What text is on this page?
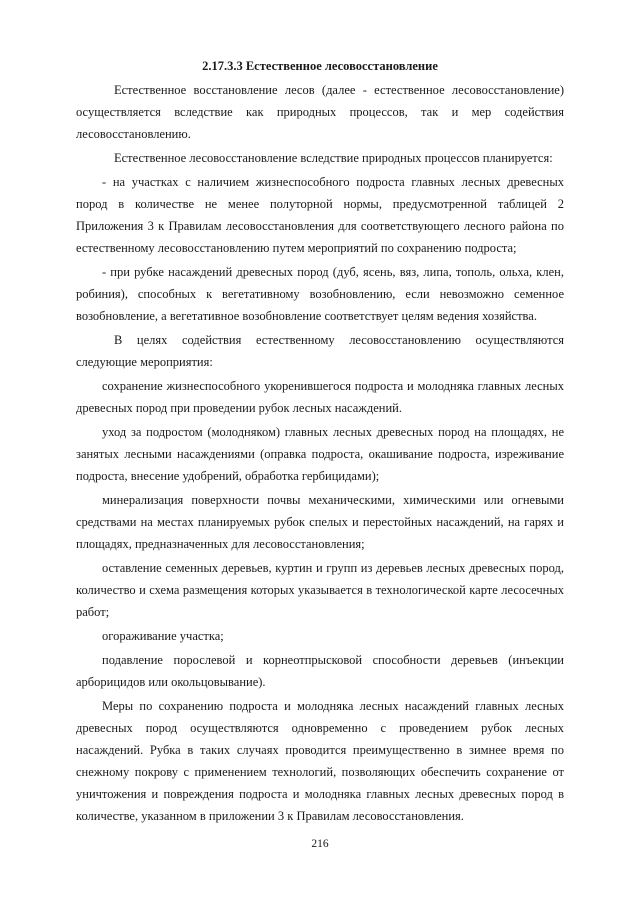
2.17.3.3 Естественное лесовосстановление

Естественное восстановление лесов (далее - естественное лесовосстановление) осуществляется вследствие как природных процессов, так и мер содействия лесовосстановлению.

Естественное лесовосстановление вследствие природных процессов планируется:

- на участках с наличием жизнеспособного подроста главных лесных древесных пород в количестве не менее полуторной нормы, предусмотренной таблицей 2 Приложения 3 к Правилам лесовосстановления для соответствующего лесного района по естественному лесовосстановлению путем мероприятий по сохранению подроста;

- при рубке насаждений древесных пород (дуб, ясень, вяз, липа, тополь, ольха, клен, робиния), способных к вегетативному возобновлению, если невозможно семенное возобновление, а вегетативное возобновление соответствует целям ведения хозяйства.

В целях содействия естественному лесовосстановлению осуществляются следующие мероприятия:

сохранение жизнеспособного укоренившегося подроста и молодняка главных лесных древесных пород при проведении рубок лесных насаждений.

уход за подростом (молодняком) главных лесных древесных пород на площадях, не занятых лесными насаждениями (оправка подроста, окашивание подроста, изреживание подроста, внесение удобрений, обработка гербицидами);

минерализация поверхности почвы механическими, химическими или огневыми средствами на местах планируемых рубок спелых и перестойных насаждений, на гарях и площадях, предназначенных для лесовосстановления;

оставление семенных деревьев, куртин и групп из деревьев лесных древесных пород, количество и схема размещения которых указывается в технологической карте лесосечных работ;

огораживание участка;

подавление порослевой и корнеотпрысковой способности деревьев (инъекции арборицидов или окольцовывание).

Меры по сохранению подроста и молодняка лесных насаждений главных лесных древесных пород осуществляются одновременно с проведением рубок лесных насаждений. Рубка в таких случаях проводится преимущественно в зимнее время по снежному покрову с применением технологий, позволяющих обеспечить сохранение от уничтожения и повреждения подроста и молодняка главных лесных древесных пород в количестве, указанном в приложении 3 к Правилам лесовосстановления.

216
